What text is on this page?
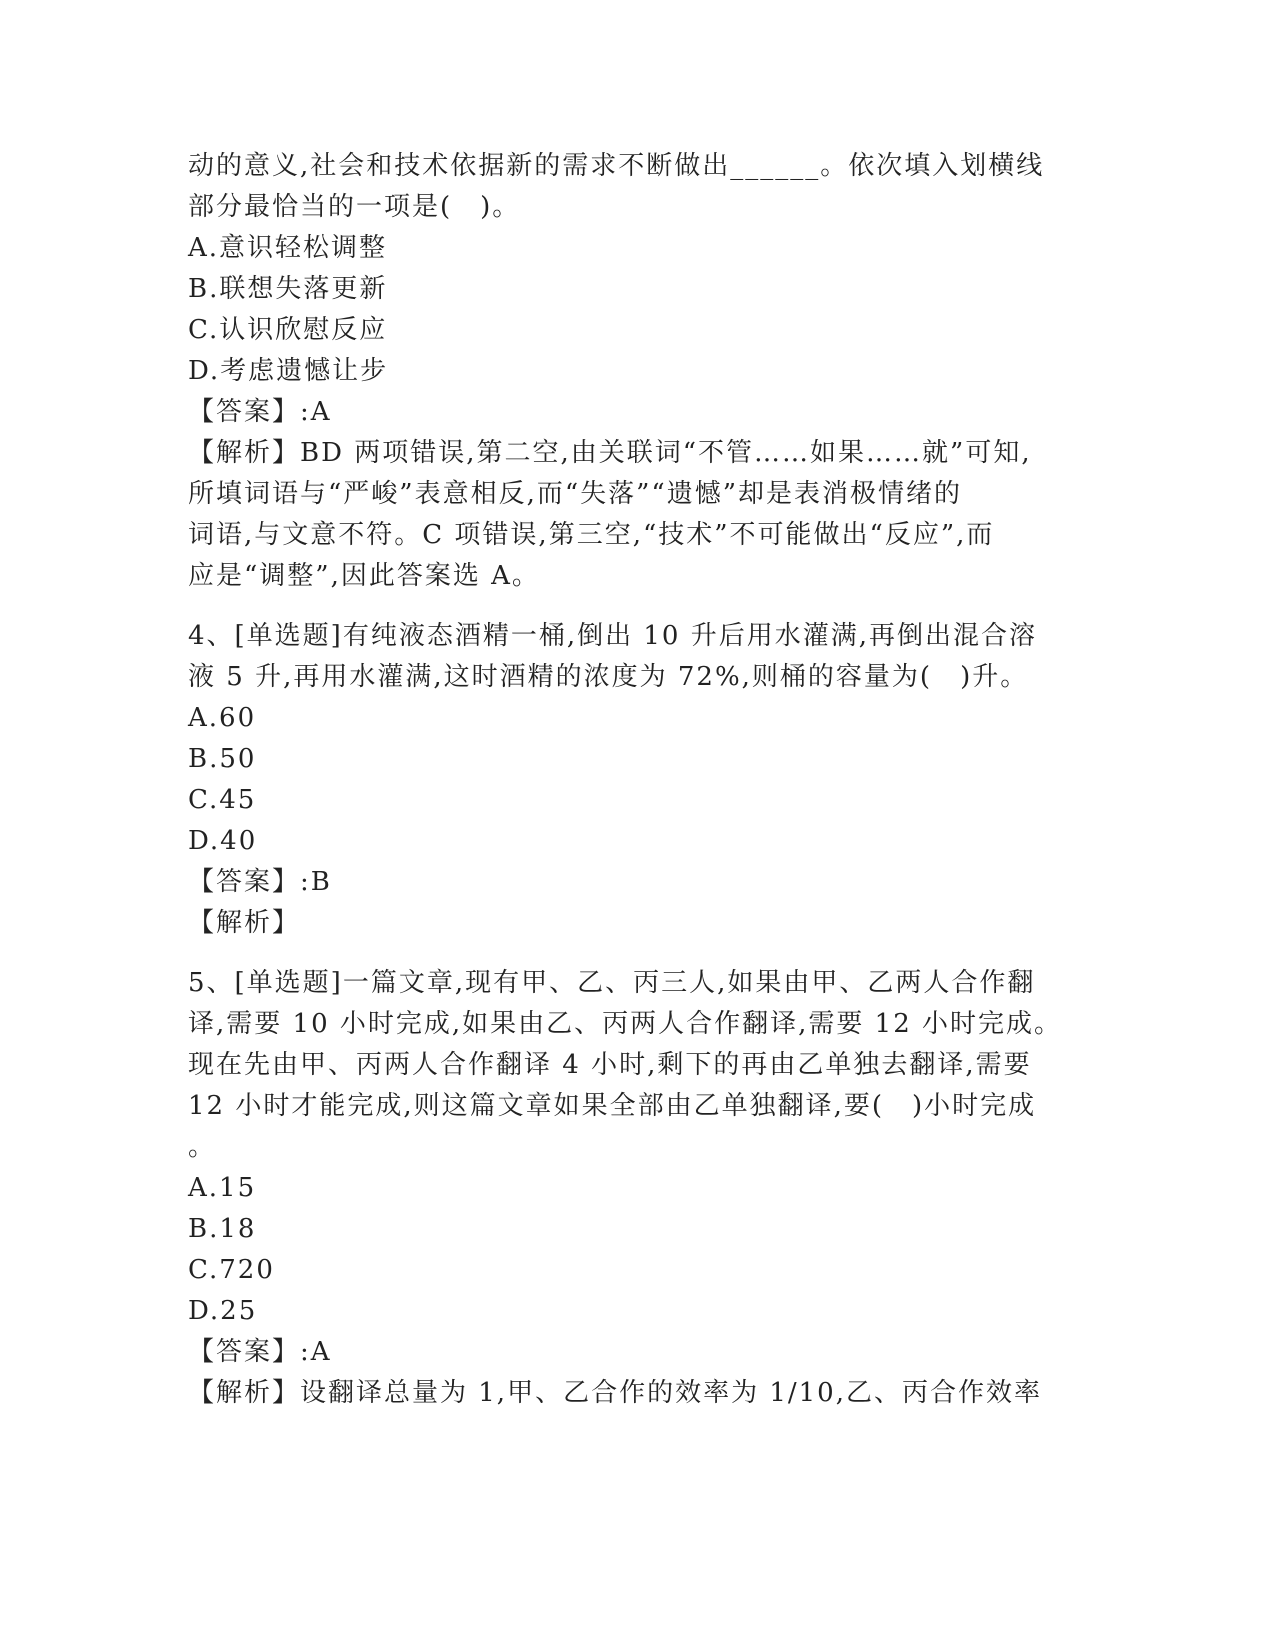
动的意义,社会和技术依据新的需求不断做出______。依次填入划横线

部分最恰当的一项是(　)。

A.意识轻松调整

B.联想失落更新

C.认识欣慰反应

D.考虑遗憾让步

【答案】:A

【解析】BD 两项错误,第二空,由关联词“不管……如果……就”可知,

所填词语与“严峻”表意相反,而“失落”“遗憾”却是表消极情绪的

词语,与文意不符。C 项错误,第三空,“技术”不可能做出“反应”,而

应是“调整”,因此答案选 A。

4、[单选题]有纯液态酒精一桶,倒出 10 升后用水灌满,再倒出混合溶

液 5 升,再用水灌满,这时酒精的浓度为 72%,则桶的容量为(　)升。

A.60

B.50

C.45

D.40

【答案】:B

【解析】

5、[单选题]一篇文章,现有甲、乙、丙三人,如果由甲、乙两人合作翻

译,需要 10 小时完成,如果由乙、丙两人合作翻译,需要 12 小时完成。

现在先由甲、丙两人合作翻译 4 小时,剩下的再由乙单独去翻译,需要

12 小时才能完成,则这篇文章如果全部由乙单独翻译,要(　)小时完成

。

A.15

B.18

C.720

D.25

【答案】:A

【解析】设翻译总量为 1,甲、乙合作的效率为 1/10,乙、丙合作效率
